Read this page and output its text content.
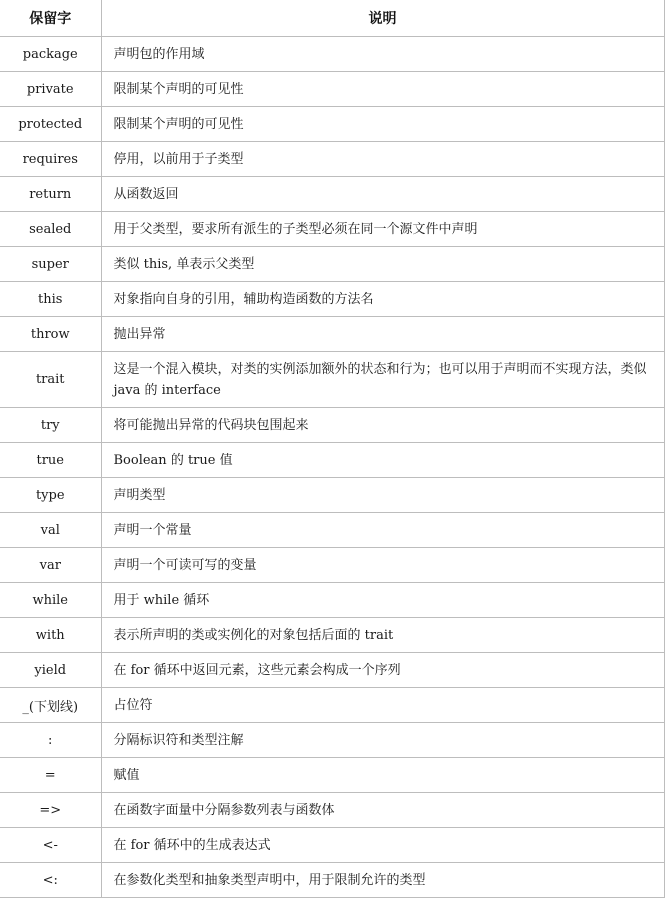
保留字	说明
package	声明包的作用域
private	限制某个声明的可见性
protected	限制某个声明的可见性
requires	停用，以前用于子类型
return	从函数返回
sealed	用于父类型，要求所有派生的子类型必须在同一个源文件中声明
super	类似 this, 单表示父类型
this	对象指向自身的引用，辅助构造函数的方法名
throw	抛出异常
trait	这是一个混入模块，对类的实例添加额外的状态和行为；也可以用于声明而不实现方法，类似 java 的 interface
try	将可能抛出异常的代码块包围起来
true	Boolean 的 true 值
type	声明类型
val	声明一个常量
var	声明一个可读可写的变量
while	用于 while 循环
with	表示所声明的类或实例化的对象包括后面的 trait
yield	在 for 循环中返回元素，这些元素会构成一个序列
_(下划线)	占位符
:	分隔标识符和类型注解
=	赋值
=>	在函数字面量中分隔参数列表与函数体
<-	在 for 循环中的生成表达式
<:	在参数化类型和抽象类型声明中，用于限制允许的类型
